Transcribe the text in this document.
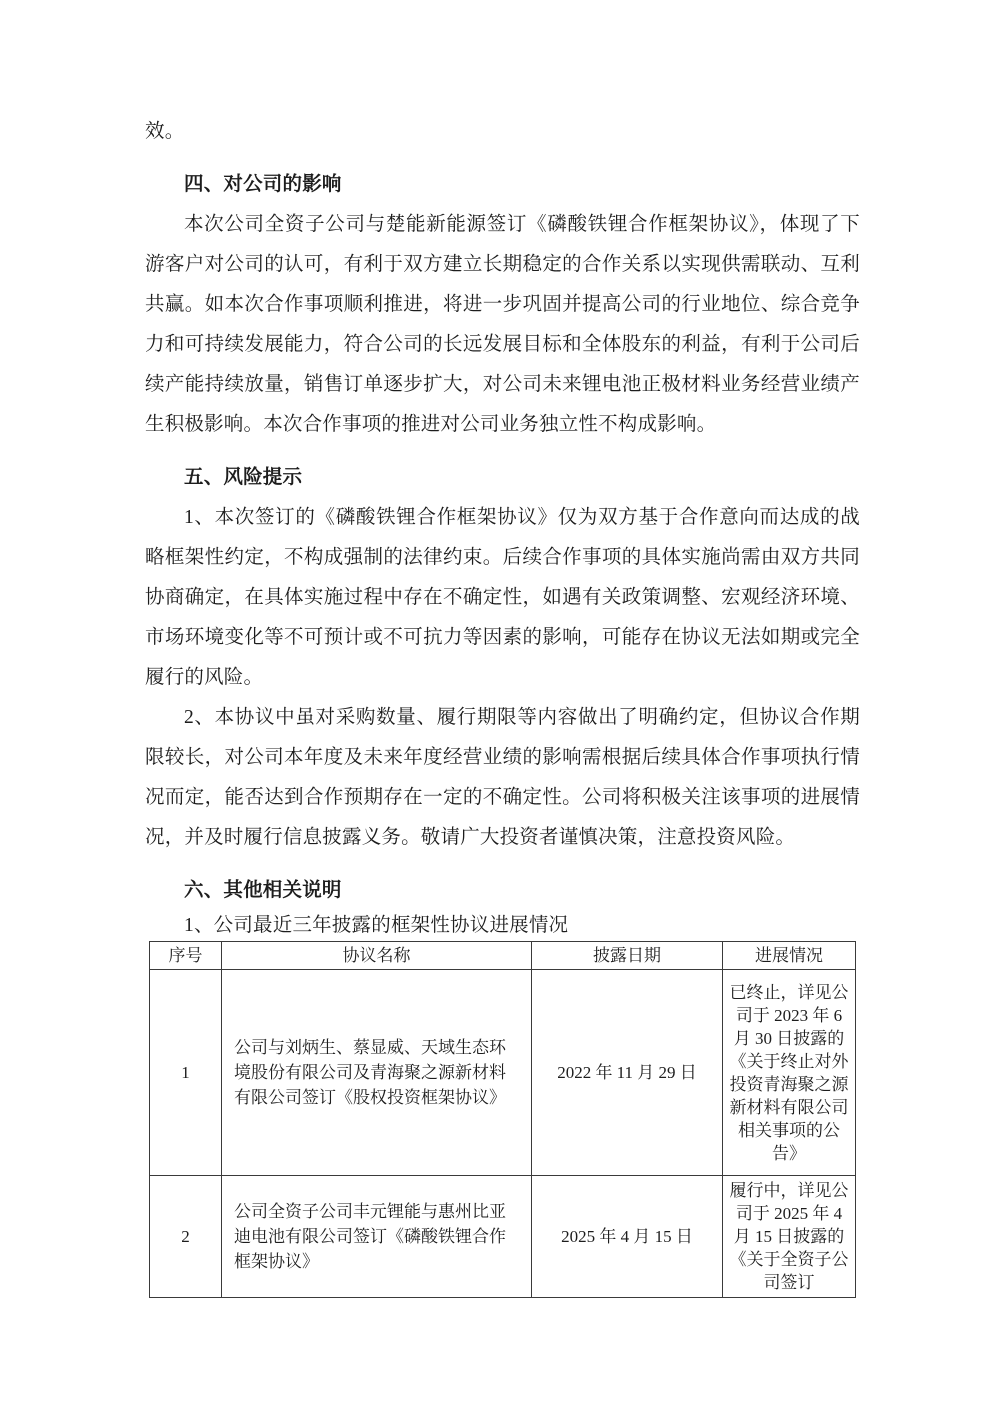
效。

四、对公司的影响

本次公司全资子公司与楚能新能源签订《磷酸铁锂合作框架协议》，体现了下游客户对公司的认可，有利于双方建立长期稳定的合作关系以实现供需联动、互利共赢。如本次合作事项顺利推进，将进一步巩固并提高公司的行业地位、综合竞争力和可持续发展能力，符合公司的长远发展目标和全体股东的利益，有利于公司后续产能持续放量，销售订单逐步扩大，对公司未来锂电池正极材料业务经营业绩产生积极影响。本次合作事项的推进对公司业务独立性不构成影响。

五、风险提示

1、本次签订的《磷酸铁锂合作框架协议》仅为双方基于合作意向而达成的战略框架性约定，不构成强制的法律约束。后续合作事项的具体实施尚需由双方共同协商确定，在具体实施过程中存在不确定性，如遇有关政策调整、宏观经济环境、市场环境变化等不可预计或不可抗力等因素的影响，可能存在协议无法如期或完全履行的风险。

2、本协议中虽对采购数量、履行期限等内容做出了明确约定，但协议合作期限较长，对公司本年度及未来年度经营业绩的影响需根据后续具体合作事项执行情况而定，能否达到合作预期存在一定的不确定性。公司将积极关注该事项的进展情况，并及时履行信息披露义务。敬请广大投资者谨慎决策，注意投资风险。

六、其他相关说明

1、公司最近三年披露的框架性协议进展情况

序号	协议名称	披露日期	进展情况
1	公司与刘炳生、蔡显威、天域生态环境股份有限公司及青海聚之源新材料有限公司签订《股权投资框架协议》	2022 年 11 月 29 日	已终止，详见公司于 2023 年 6 月 30 日披露的《关于终止对外投资青海聚之源新材料有限公司相关事项的公告》
2	公司全资子公司丰元锂能与惠州比亚迪电池有限公司签订《磷酸铁锂合作框架协议》	2025 年 4 月 15 日	履行中，详见公司于 2025 年 4 月 15 日披露的《关于全资子公司签订
